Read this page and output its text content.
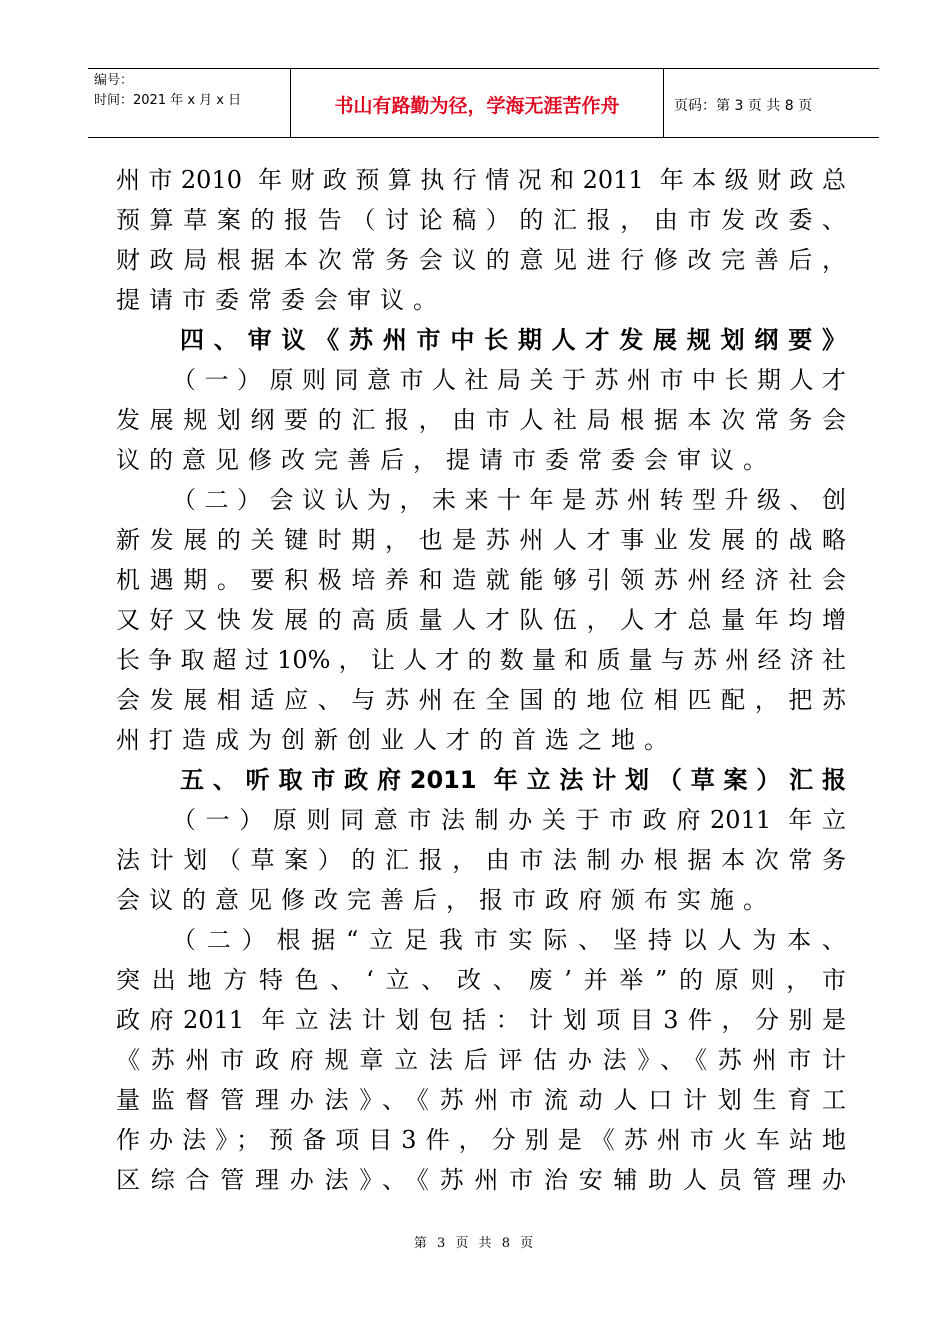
编号：
时间：2021 年 x 月 x 日	书山有路勤为径，学海无涯苦作舟	页码：第 3 页 共 8 页
州市2010 年财政预算执行情况和2011 年本级财政总
预算草案的报告（讨论稿）的汇报，由市发改委、
财政局根据本次常务会议的意见进行修改完善后，
提请市委常委会审议。
四、审议《苏州市中长期人才发展规划纲要》
（一）原则同意市人社局关于苏州市中长期人才
发展规划纲要的汇报，由市人社局根据本次常务会
议的意见修改完善后，提请市委常委会审议。
（二）会议认为，未来十年是苏州转型升级、创
新发展的关键时期，也是苏州人才事业发展的战略
机遇期。要积极培养和造就能够引领苏州经济社会
又好又快发展的高质量人才队伍，人才总量年均增
长争取超过10%，让人才的数量和质量与苏州经济社
会发展相适应、与苏州在全国的地位相匹配，把苏
州打造成为创新创业人才的首选之地。
五、听取市政府2011 年立法计划（草案）汇报
（一）原则同意市法制办关于市政府2011 年立
法计划（草案）的汇报，由市法制办根据本次常务
会议的意见修改完善后，报市政府颁布实施。
（二）根据“立足我市实际、坚持以人为本、
突出地方特色、‘立、改、废’并举”的原则，市
政府2011 年立法计划包括：计划项目3件，分别是
《苏州市政府规章立法后评估办法》、《苏州市计
量监督管理办法》、《苏州市流动人口计划生育工
作办法》；预备项目3件，分别是《苏州市火车站地
区综合管理办法》、《苏州市治安辅助人员管理办
第 3 页 共 8 页
